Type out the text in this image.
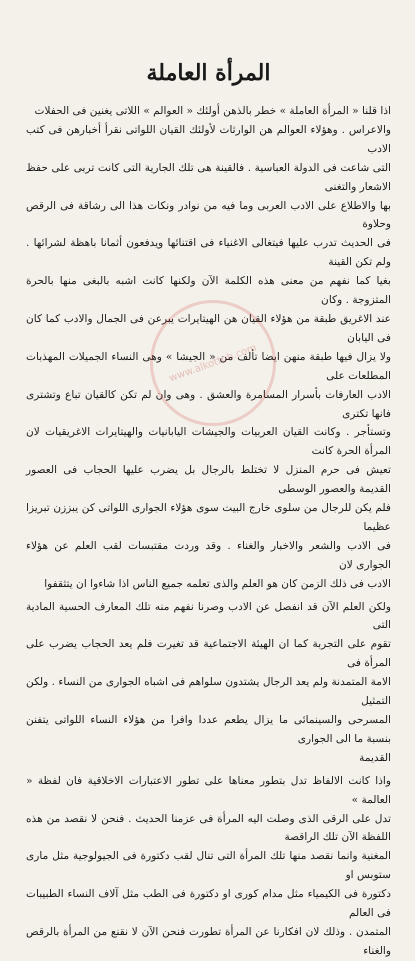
المرأة العاملة

اذا قلنا « المرأة العاملة » خطر بالذهن أولئك « العوالم » اللاتى يغنين فى الحفلات

والاعراس . وهؤلاء العوالم هن الوارثات لأولئك القيان اللواتى نقرأ أخبارهن فى كتب الادب

التى شاعت فى الدولة العباسية . فالقينة هى تلك الجارية التى كانت تربى على حفظ الاشعار والتغنى

بها والاطلاع على الادب العربى وما فيه من نوادر ونكات هذا الى رشاقة فى الرقص وحلاوة

فى الحديث تدرب عليها فيتغالى الاغنياء فى اقتنائها ويدفعون أثمانا باهظة لشرائها . ولم تكن القينة

بغيا كما نفهم من معنى هذه الكلمة الآن ولكنها كانت اشبه بالبغى منها بالحرة المتزوجة . وكان

عند الاغريق طبقة من هؤلاء القيان هن الهيتايرات يبرعن فى الجمال والادب كما كان فى اليابان

ولا يزال فيها طبقة منهن ايضا تألف من « الجيشا » وهى النساء الجميلات المهذبات المطلعات على

الادب العارفات بأسرار المسامرة والعشق . وهى وان لم تكن كالقيان تباع وتشترى فانها تكترى

وتستأجر . وكانت القيان العربيات والجيشات اليابانيات والهيتايرات الاغريقيات لان المرأة الحرة كانت

تعيش فى حرم المنزل لا تختلط بالرجال بل يضرب عليها الحجاب فى العصور القديمة والعصور الوسطى

فلم يكن للرجال من سلوى خارج البيت سوى هؤلاء الجوارى اللواتى كن يبززن تبريزا عظيما

فى الادب والشعر والاخبار والغناء . وقد وردت مقتبسات لقب العلم عن هؤلاء الجوارى لان

الادب فى ذلك الزمن كان هو العلم والذى تعلمه جميع الناس اذا شاءوا ان يتثقفوا

ولكن العلم الآن قد انفصل عن الادب وصرنا نفهم منه تلك المعارف الحسية المادية التى

تقوم على التجربة كما ان الهيئة الاجتماعية قد تغيرت فلم يعد الحجاب يضرب على المرأة فى

الامة المتمدنة ولم يعد الرجال يشتدون سلواهم فى اشباه الجوارى من النساء . ولكن التمثيل

المسرحى والسينمائى ما يزال يطعم عددا وافرا من هؤلاء النساء اللواتى يتفنن بنسبة ما الى الجوارى

القديمة

واذا كانت الالفاظ تدل بتطور معناها على تطور الاعتبارات الاخلاقية فان لفظة « العالمة »

تدل على الرقى الذى وصلت اليه المرأة فى عزمنا الحديث . فنحن لا نقصد من هذه اللفظة الآن تلك الراقصة

المغنية وانما نقصد منها تلك المرأة التى تنال لقب دكتورة فى الجيولوجية مثل مارى ستوبس او

دكتورة فى الكيمياء مثل مدام كورى او دكتورة فى الطب مثل آلاف النساء الطبيبات فى العالم

المتمدن . وذلك لان افكارنا عن المرأة تطورت فنحن الآن لا نقنع من المرأة بالرقص والغناء

www.alkottob.com
